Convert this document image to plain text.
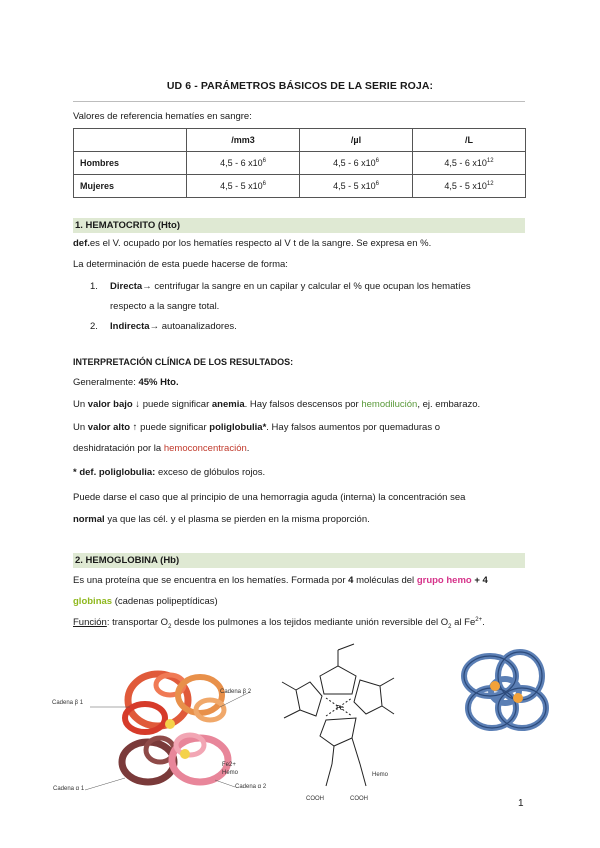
UD 6 - PARÁMETROS BÁSICOS DE LA SERIE ROJA:
Valores de referencia hematíes en sangre:
	/mm3	/µl	/L
Hombres	4,5 - 6 $x10^6$	4,5 - 6 $x10^6$	4,5 - 6 $x10^{12}$
Mujeres	4,5 - 5 $x10^6$	4,5 - 5 $x10^6$	4,5 - 5 $x10^{12}$
1. HEMATOCRITO (Hto)
def.es el V. ocupado por los hematíes respecto al V t de la sangre. Se expresa en %.
La determinación de esta puede hacerse de forma:
1. Directa→ centrifugar la sangre en un capilar y calcular el % que ocupan los hematíes
respecto a la sangre total.
2. Indirecta→ autoanalizadores.
INTERPRETACIÓN CLÍNICA DE LOS RESULTADOS:
Generalmente: 45% Hto.
Un valor bajo ↓ puede significar anemia. Hay falsos descensos por hemodilución, ej. embarazo.
Un valor alto ↑ puede significar poliglobulia*. Hay falsos aumentos por quemaduras o
deshidratación por la hemoconcentración.
* def. poliglobulia: exceso de glóbulos rojos.
Puede darse el caso que al principio de una hemorragia aguda (interna) la concentración sea
normal ya que las cél. y el plasma se pierden en la misma proporción.
2. HEMOGLOBINA (Hb)
Es una proteína que se encuentra en los hematíes. Formada por 4 moléculas del grupo hemo + 4
globinas (cadenas polipeptídicas)
Función: transportar $O_2$ desde los pulmones a los tejidos mediante unión reversible del $O_2$ al $Fe^{2+}$.
Cadena β 1
Cadena β 2
Cadena α 1	Cadena α 2
Fe2+
Hemo
Fe
COOH	COOH
Hemo
1
